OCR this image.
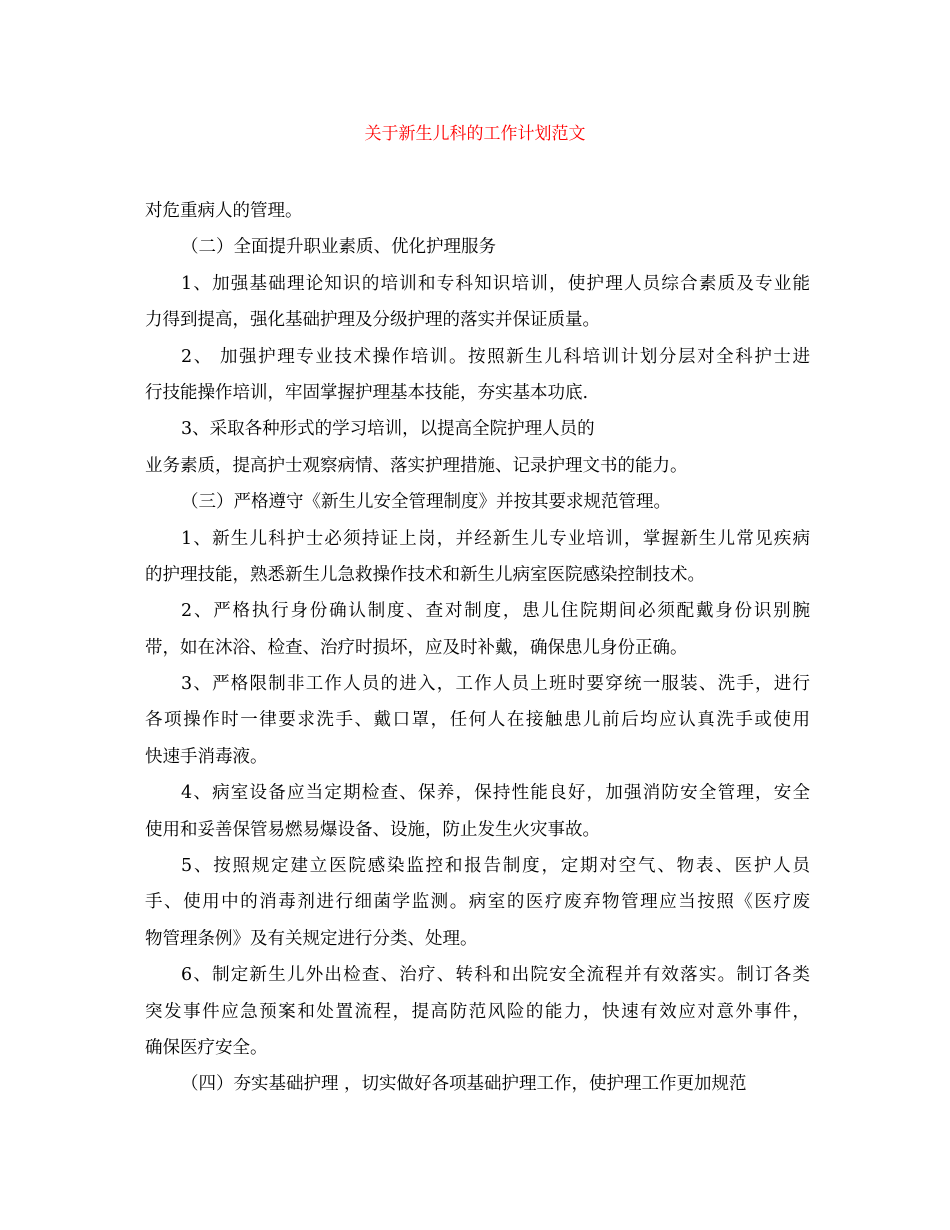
关于新生儿科的工作计划范文
对危重病人的管理。
（二）全面提升职业素质、优化护理服务
1、加强基础理论知识的培训和专科知识培训，使护理人员综合素质及专业能
力得到提高，强化基础护理及分级护理的落实并保证质量。
2、 加强护理专业技术操作培训。按照新生儿科培训计划分层对全科护士进
行技能操作培训，牢固掌握护理基本技能，夯实基本功底.
3、采取各种形式的学习培训，以提高全院护理人员的
业务素质，提高护士观察病情、落实护理措施、记录护理文书的能力。
（三）严格遵守《新生儿安全管理制度》并按其要求规范管理。
1、新生儿科护士必须持证上岗，并经新生儿专业培训，掌握新生儿常见疾病
的护理技能，熟悉新生儿急救操作技术和新生儿病室医院感染控制技术。
2、严格执行身份确认制度、查对制度，患儿住院期间必须配戴身份识别腕
带，如在沐浴、检查、治疗时损坏，应及时补戴，确保患儿身份正确。
3、严格限制非工作人员的进入，工作人员上班时要穿统一服装、洗手，进行
各项操作时一律要求洗手、戴口罩，任何人在接触患儿前后均应认真洗手或使用
快速手消毒液。
4、病室设备应当定期检查、保养，保持性能良好，加强消防安全管理，安全
使用和妥善保管易燃易爆设备、设施，防止发生火灾事故。
5、按照规定建立医院感染监控和报告制度，定期对空气、物表、医护人员
手、使用中的消毒剂进行细菌学监测。病室的医疗废弃物管理应当按照《医疗废
物管理条例》及有关规定进行分类、处理。
6、制定新生儿外出检查、治疗、转科和出院安全流程并有效落实。制订各类
突发事件应急预案和处置流程，提高防范风险的能力，快速有效应对意外事件，
确保医疗安全。
（四）夯实基础护理 ，切实做好各项基础护理工作，使护理工作更加规范
